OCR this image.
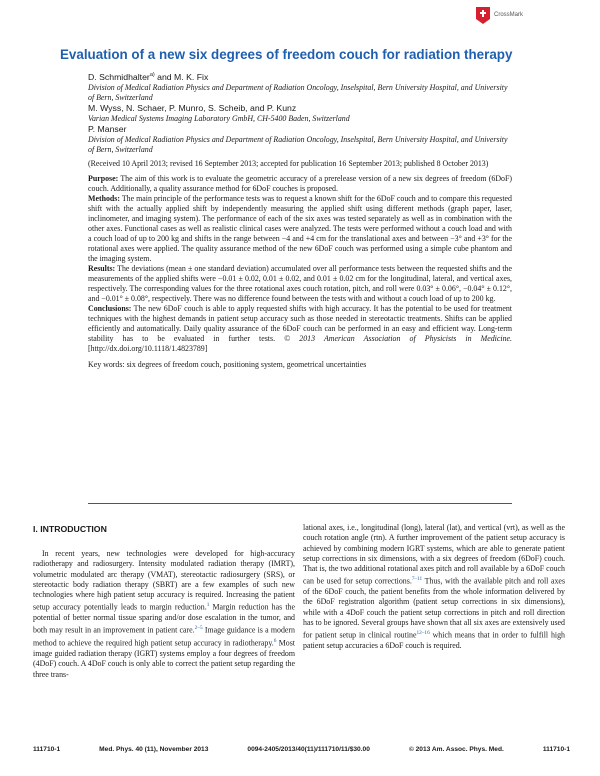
CrossMark
Evaluation of a new six degrees of freedom couch for radiation therapy
D. Schmidhalter$^{a)}$ and M. K. Fix
Division of Medical Radiation Physics and Department of Radiation Oncology, Inselspital, Bern University Hospital, and University of Bern, Switzerland
M. Wyss, N. Schaer, P. Munro, S. Scheib, and P. Kunz
Varian Medical Systems Imaging Laboratory GmbH, CH-5400 Baden, Switzerland
P. Manser
Division of Medical Radiation Physics and Department of Radiation Oncology, Inselspital, Bern University Hospital, and University of Bern, Switzerland
(Received 10 April 2013; revised 16 September 2013; accepted for publication 16 September 2013; published 8 October 2013)

Purpose: The aim of this work is to evaluate the geometric accuracy of a prerelease version of a new six degrees of freedom (6DoF) couch. Additionally, a quality assurance method for 6DoF couches is proposed.

Methods: The main principle of the performance tests was to request a known shift for the 6DoF couch and to compare this requested shift with the actually applied shift by independently measuring the applied shift using different methods (graph paper, laser, inclinometer, and imaging system). The performance of each of the six axes was tested separately as well as in combination with the other axes. Functional cases as well as realistic clinical cases were analyzed. The tests were performed without a couch load and with a couch load of up to 200 kg and shifts in the range between −4 and +4 cm for the translational axes and between −3° and +3° for the rotational axes were applied. The quality assurance method of the new 6DoF couch was performed using a simple cube phantom and the imaging system.

Results: The deviations (mean ± one standard deviation) accumulated over all performance tests between the requested shifts and the measurements of the applied shifts were −0.01 ± 0.02, 0.01 ± 0.02, and 0.01 ± 0.02 cm for the longitudinal, lateral, and vertical axes, respectively. The corresponding values for the three rotational axes couch rotation, pitch, and roll were 0.03° ± 0.06°, −0.04° ± 0.12°, and −0.01° ± 0.08°, respectively. There was no difference found between the tests with and without a couch load of up to 200 kg.

Conclusions: The new 6DoF couch is able to apply requested shifts with high accuracy. It has the potential to be used for treatment techniques with the highest demands in patient setup accuracy such as those needed in stereotactic treatments. Shifts can be applied efficiently and automatically. Daily quality assurance of the 6DoF couch can be performed in an easy and efficient way. Long-term stability has to be evaluated in further tests. © 2013 American Association of Physicists in Medicine. [http://dx.doi.org/10.1118/1.4823789]

Key words: six degrees of freedom couch, positioning system, geometrical uncertainties
I. INTRODUCTION

In recent years, new technologies were developed for high-accuracy radiotherapy and radiosurgery. Intensity modulated radiation therapy (IMRT), volumetric modulated arc therapy (VMAT), stereotactic radiosurgery (SRS), or stereotactic body radiation therapy (SBRT) are a few examples of such new technologies where high patient setup accuracy is required. Increasing the patient setup accuracy potentially leads to margin reduction.$^1$ Margin reduction has the potential of better normal tissue sparing and/or dose escalation in the tumor, and both may result in an improvement in patient care.$^{2-5}$ Image guidance is a modern method to achieve the required high patient setup accuracy in radiotherapy.$^6$ Most image guided radiation therapy (IGRT) systems employ a four degrees of freedom (4DoF) couch. A 4DoF couch is only able to correct the patient setup regarding the three trans-

lational axes, i.e., longitudinal (long), lateral (lat), and vertical (vrt), as well as the couch rotation angle (rtn). A further improvement of the patient setup accuracy is achieved by combining modern IGRT systems, which are able to generate patient setup corrections in six dimensions, with a six degrees of freedom (6DoF) couch. That is, the two additional rotational axes pitch and roll available by a 6DoF couch can be used for setup corrections.$^{7-11}$ Thus, with the available pitch and roll axes of the 6DoF couch, the patient benefits from the whole information delivered by the 6DoF registration algorithm (patient setup corrections in six dimensions), while with a 4DoF couch the patient setup corrections in pitch and roll direction has to be ignored. Several groups have shown that all six axes are extensively used for patient setup in clinical routine$^{12-16}$ which means that in order to fulfill high patient setup accuracies a 6DoF couch is required.

111710-1	Med. Phys. 40 (11), November 2013	0094-2405/2013/40(11)/111710/11/$30.00	© 2013 Am. Assoc. Phys. Med.	111710-1
